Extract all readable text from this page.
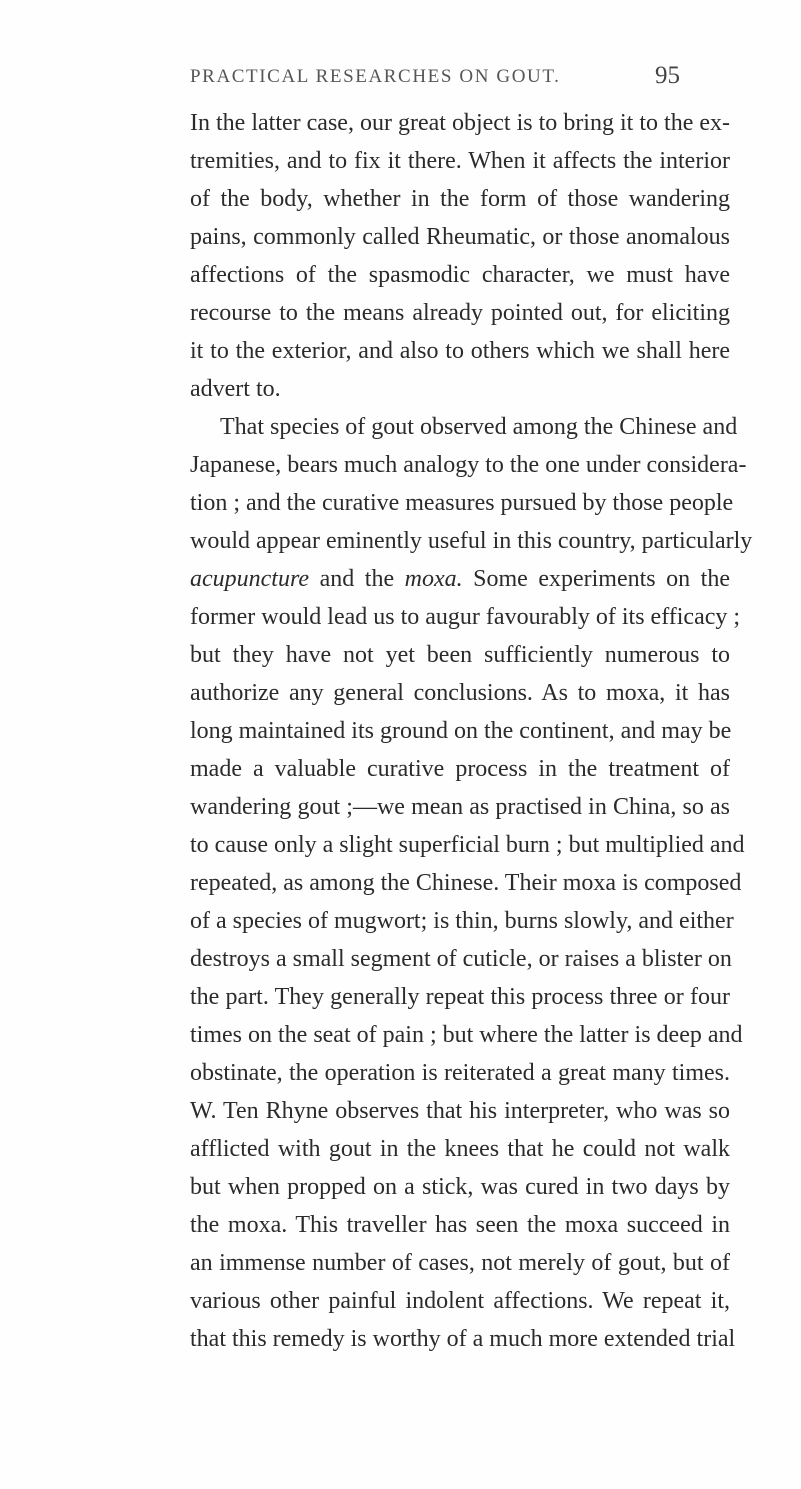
PRACTICAL RESEARCHES ON GOUT.	95
In the latter case, our great object is to bring it to the ex-
tremities, and to fix it there. When it affects the interior
of the body, whether in the form of those wandering
pains, commonly called Rheumatic, or those anomalous
affections of the spasmodic character, we must have
recourse to the means already pointed out, for eliciting
it to the exterior, and also to others which we shall here
advert to.
That species of gout observed among the Chinese and
Japanese, bears much analogy to the one under considera-
tion ; and the curative measures pursued by those people
would appear eminently useful in this country, particularly
acupuncture and the moxa. Some experiments on the
former would lead us to augur favourably of its efficacy ;
but they have not yet been sufficiently numerous to
authorize any general conclusions. As to moxa, it has
long maintained its ground on the continent, and may be
made a valuable curative process in the treatment of
wandering gout ;—we mean as practised in China, so as
to cause only a slight superficial burn ; but multiplied and
repeated, as among the Chinese. Their moxa is composed
of a species of mugwort; is thin, burns slowly, and either
destroys a small segment of cuticle, or raises a blister on
the part. They generally repeat this process three or four
times on the seat of pain ; but where the latter is deep and
obstinate, the operation is reiterated a great many times.
W. Ten Rhyne observes that his interpreter, who was so
afflicted with gout in the knees that he could not walk
but when propped on a stick, was cured in two days by
the moxa. This traveller has seen the moxa succeed in
an immense number of cases, not merely of gout, but of
various other painful indolent affections. We repeat it,
that this remedy is worthy of a much more extended trial
